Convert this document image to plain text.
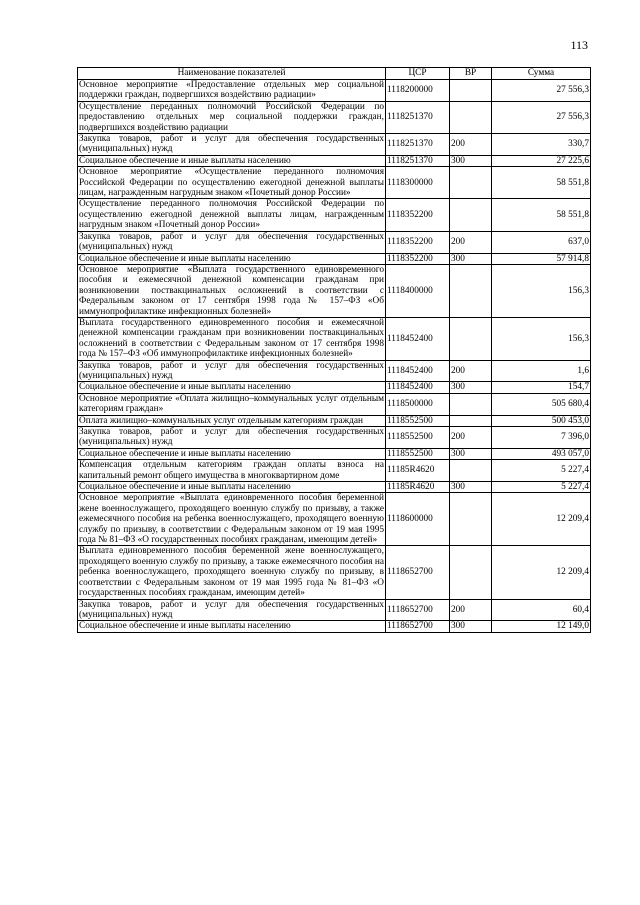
113
Наименование показателей	ЦСР	ВР	Сумма
Основное мероприятие «Предоставление отдельных мер социальной поддержки граждан, подвергшихся воздействию радиации»	1118200000		27 556,3
Осуществление переданных полномочий Российской Федерации по предоставлению отдельных мер социальной поддержки граждан, подвергшихся воздействию радиации	1118251370		27 556,3
Закупка товаров, работ и услуг для обеспечения государственных (муниципальных) нужд	1118251370	200	330,7
Социальное обеспечение и иные выплаты населению	1118251370	300	27 225,6
Основное мероприятие «Осуществление переданного полномочия Российской Федерации по осуществлению ежегодной денежной выплаты лицам, награжденным нагрудным знаком «Почетный донор России»	1118300000		58 551,8
Осуществление переданного полномочия Российской Федерации по осуществлению ежегодной денежной выплаты лицам, награжденным нагрудным знаком «Почетный донор России»	1118352200		58 551,8
Закупка товаров, работ и услуг для обеспечения государственных (муниципальных) нужд	1118352200	200	637,0
Социальное обеспечение и иные выплаты населению	1118352200	300	57 914,8
Основное мероприятие «Выплата государственного единовременного пособия и ежемесячной денежной компенсации гражданам при возникновении поствакцинальных осложнений в соответствии с Федеральным законом от 17 сентября 1998 года № 157–ФЗ «Об иммунопрофилактике инфекционных болезней»	1118400000		156,3
Выплата государственного единовременного пособия и ежемесячной денежной компенсации гражданам при возникновении поствакцинальных осложнений в соответствии с Федеральным законом от 17 сентября 1998 года № 157–ФЗ «Об иммунопрофилактике инфекционных болезней»	1118452400		156,3
Закупка товаров, работ и услуг для обеспечения государственных (муниципальных) нужд	1118452400	200	1,6
Социальное обеспечение и иные выплаты населению	1118452400	300	154,7
Основное мероприятие «Оплата жилищно–коммунальных услуг отдельным категориям граждан»	1118500000		505 680,4
Оплата жилищно–коммунальных услуг отдельным категориям граждан	1118552500		500 453,0
Закупка товаров, работ и услуг для обеспечения государственных (муниципальных) нужд	1118552500	200	7 396,0
Социальное обеспечение и иные выплаты населению	1118552500	300	493 057,0
Компенсация отдельным категориям граждан оплаты взноса на капитальный ремонт общего имущества в многоквартирном доме	11185R4620		5 227,4
Социальное обеспечение и иные выплаты населению	11185R4620	300	5 227,4
Основное мероприятие «Выплата единовременного пособия беременной жене военнослужащего, проходящего военную службу по призыву, а также ежемесячного пособия на ребенка военнослужащего, проходящего военную службу по призыву, в соответствии с Федеральным законом от 19 мая 1995 года № 81–ФЗ «О государственных пособиях гражданам, имеющим детей»	1118600000		12 209,4
Выплата единовременного пособия беременной жене военнослужащего, проходящего военную службу по призыву, а также ежемесячного пособия на ребенка военнослужащего, проходящего военную службу по призыву, в соответствии с Федеральным законом от 19 мая 1995 года № 81–ФЗ «О государственных пособиях гражданам, имеющим детей»	1118652700		12 209,4
Закупка товаров, работ и услуг для обеспечения государственных (муниципальных) нужд	1118652700	200	60,4
Социальное обеспечение и иные выплаты населению	1118652700	300	12 149,0
